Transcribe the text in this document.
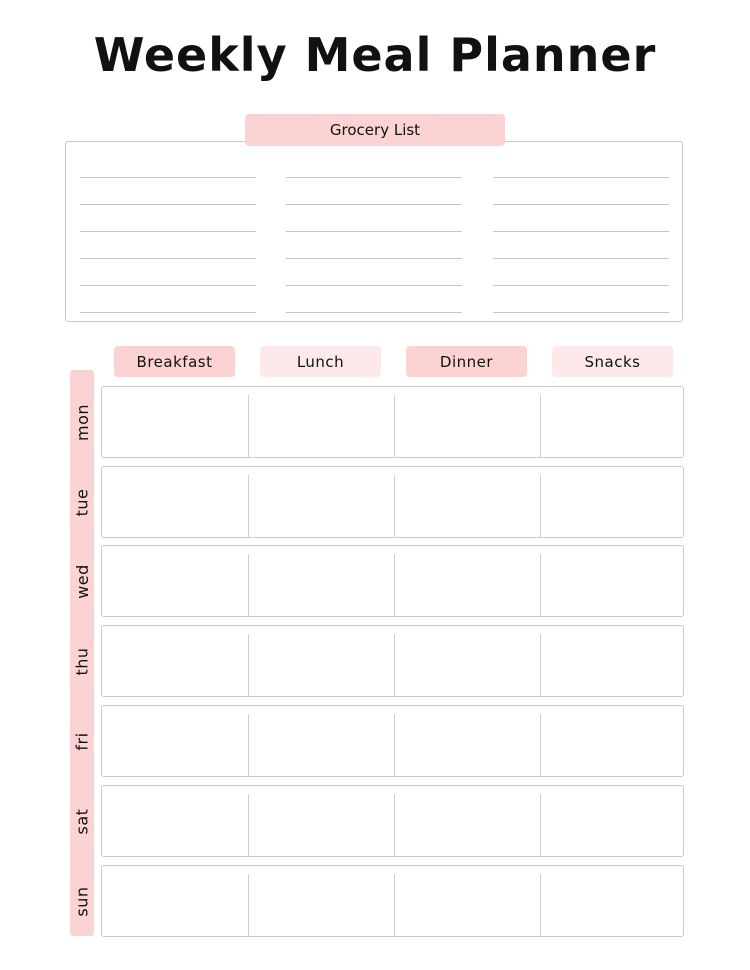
Weekly Meal Planner
Grocery List
Breakfast	Lunch	Dinner	Snacks
mon
tue
wed
thu
fri
sat
sun
